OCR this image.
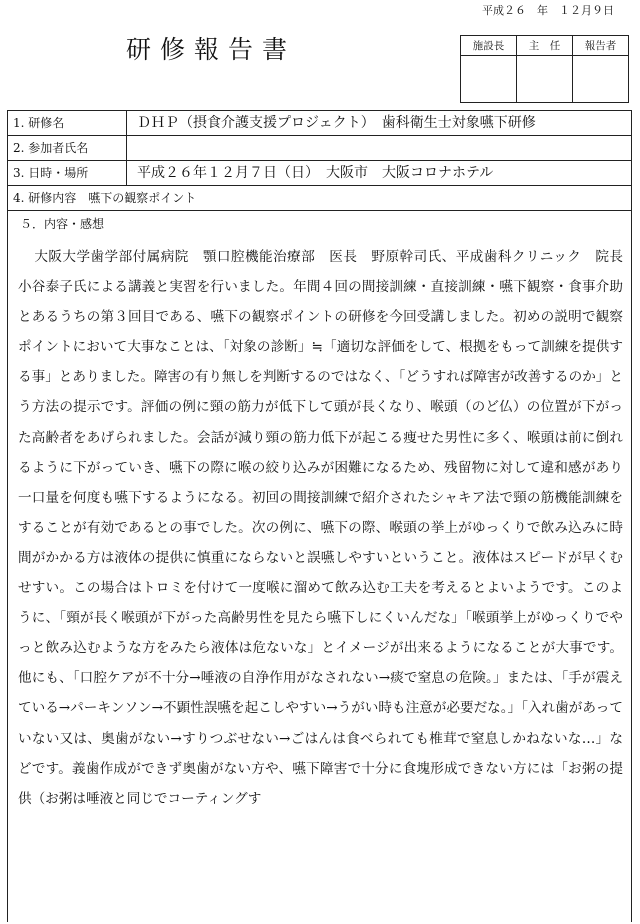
平成２６　年　１２月９日
研修報告書	施設長	主　任	報告者

1. 研修名	ＤＨＰ（摂食介護支援プロジェクト）　歯科衛生士対象嚥下研修
2. 参加者氏名
3. 日時・場所	平成２６年１２月７日（日）　大阪市　大阪コロナホテル
4. 研修内容　嚥下の観察ポイント
５．内容・感想
大阪大学歯学部付属病院　顎口腔機能治療部　医長　野原幹司氏、平成歯科クリニック　院長　小谷泰子氏による講義と実習を行いました。年間４回の間接訓練・直接訓練・嚥下観察・食事介助とあるうちの第３回目である、嚥下の観察ポイントの研修を今回受講しました。初めの説明で観察ポイントにおいて大事なことは、「対象の診断」≒「適切な評価をして、根拠をもって訓練を提供する事」とありました。障害の有り無しを判断するのではなく、「どうすれば障害が改善するのか」とう方法の提示です。評価の例に頸の筋力が低下して頭が長くなり、喉頭（のど仏）の位置が下がった高齢者をあげられました。会話が減り頸の筋力低下が起こる痩せた男性に多く、喉頭は前に倒れるように下がっていき、嚥下の際に喉の絞り込みが困難になるため、残留物に対して違和感があり一口量を何度も嚥下するようになる。初回の間接訓練で紹介されたシャキア法で頸の筋機能訓練をすることが有効であるとの事でした。次の例に、嚥下の際、喉頭の挙上がゆっくりで飲み込みに時間がかかる方は液体の提供に慎重にならないと誤嚥しやすいということ。液体はスピードが早くむせすい。この場合はトロミを付けて一度喉に溜めて飲み込む工夫を考えるとよいようです。このように、「頸が長く喉頭が下がった高齢男性を見たら嚥下しにくいんだな」「喉頭挙上がゆっくりでやっと飲み込むような方をみたら液体は危ないな」とイメージが出来るようになることが大事です。他にも、「口腔ケアが不十分→唾液の自浄作用がなされない→痰で窒息の危険。」または、「手が震えている→パーキンソン→不顕性誤嚥を起こしやすい→うがい時も注意が必要だな。」「入れ歯があっていない又は、奥歯がない→すりつぶせない→ごはんは食べられても椎茸で窒息しかねないな…」などです。義歯作成ができず奥歯がない方や、嚥下障害で十分に食塊形成できない方には「お粥の提供（お粥は唾液と同じでコーティングす
